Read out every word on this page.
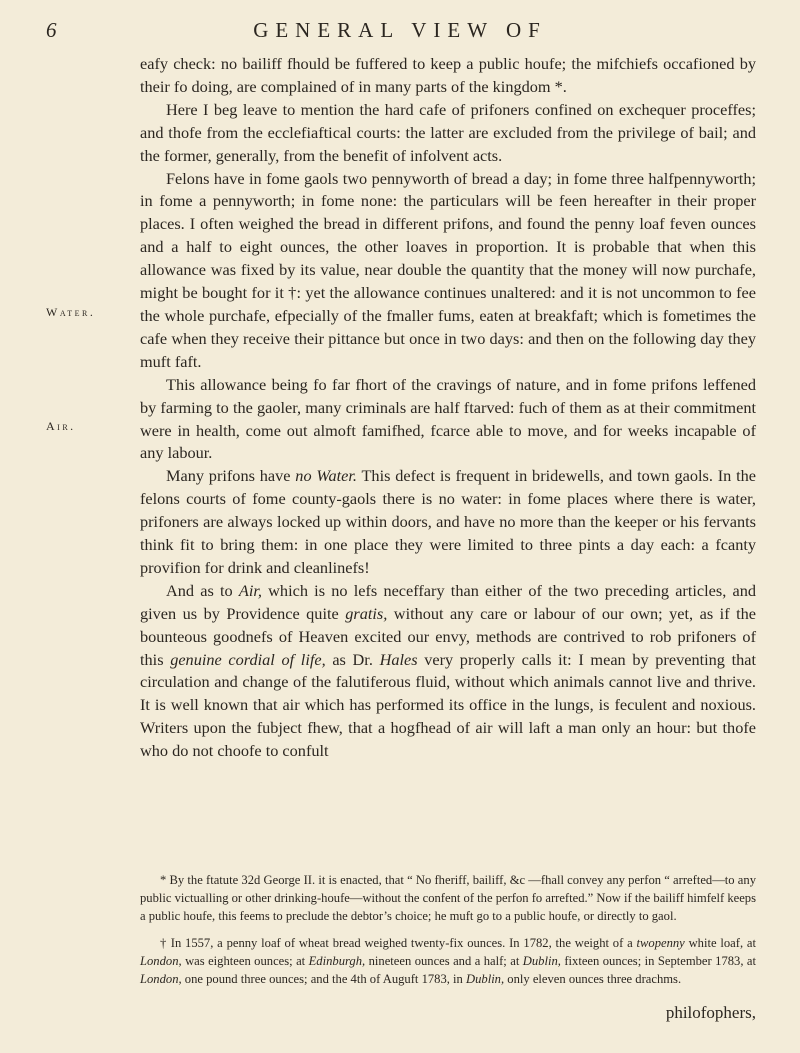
6	GENERAL VIEW OF
Water.
Air.

eafy check: no bailiff fhould be fuffered to keep a public houfe; the mifchiefs occafioned by their fo doing, are complained of in many parts of the kingdom *.

Here I beg leave to mention the hard cafe of prifoners confined on exchequer proceffes; and thofe from the ecclefiaftical courts: the latter are excluded from the privilege of bail; and the former, generally, from the benefit of infolvent acts.

Felons have in fome gaols two pennyworth of bread a day; in fome three halfpennyworth; in fome a pennyworth; in fome none: the particulars will be feen hereafter in their proper places. I often weighed the bread in different prifons, and found the penny loaf feven ounces and a half to eight ounces, the other loaves in proportion. It is probable that when this allowance was fixed by its value, near double the quantity that the money will now purchafe, might be bought for it †: yet the allowance continues unaltered: and it is not uncommon to fee the whole purchafe, efpecially of the fmaller fums, eaten at breakfaft; which is fometimes the cafe when they receive their pittance but once in two days: and then on the following day they muft faft.

This allowance being fo far fhort of the cravings of nature, and in fome prifons leffened by farming to the gaoler, many criminals are half ftarved: fuch of them as at their commitment were in health, come out almoft famifhed, fcarce able to move, and for weeks incapable of any labour.

Many prifons have no Water. This defect is frequent in bridewells, and town gaols. In the felons courts of fome county-gaols there is no water: in fome places where there is water, prifoners are always locked up within doors, and have no more than the keeper or his fervants think fit to bring them: in one place they were limited to three pints a day each: a fcanty provifion for drink and cleanlinefs!

And as to Air, which is no lefs neceffary than either of the two preceding articles, and given us by Providence quite gratis, without any care or labour of our own; yet, as if the bounteous goodnefs of Heaven excited our envy, methods are contrived to rob prifoners of this genuine cordial of life, as Dr. Hales very properly calls it: I mean by preventing that circulation and change of the falutiferous fluid, without which animals cannot live and thrive. It is well known that air which has performed its office in the lungs, is feculent and noxious. Writers upon the fubject fhew, that a hogfhead of air will laft a man only an hour: but thofe who do not choofe to confult

* By the ftatute 32d George II. it is enacted, that “ No fheriff, bailiff, &c —fhall convey any perfon “ arrefted—to any public victualling or other drinking-houfe—without the confent of the perfon fo arrefted.” Now if the bailiff himfelf keeps a public houfe, this feems to preclude the debtor’s choice; he muft go to a public houfe, or directly to gaol.

† In 1557, a penny loaf of wheat bread weighed twenty-fix ounces. In 1782, the weight of a twopenny white loaf, at London, was eighteen ounces; at Edinburgh, nineteen ounces and a half; at Dublin, fixteen ounces; in September 1783, at London, one pound three ounces; and the 4th of Auguft 1783, in Dublin, only eleven ounces three drachms.

philofophers,
